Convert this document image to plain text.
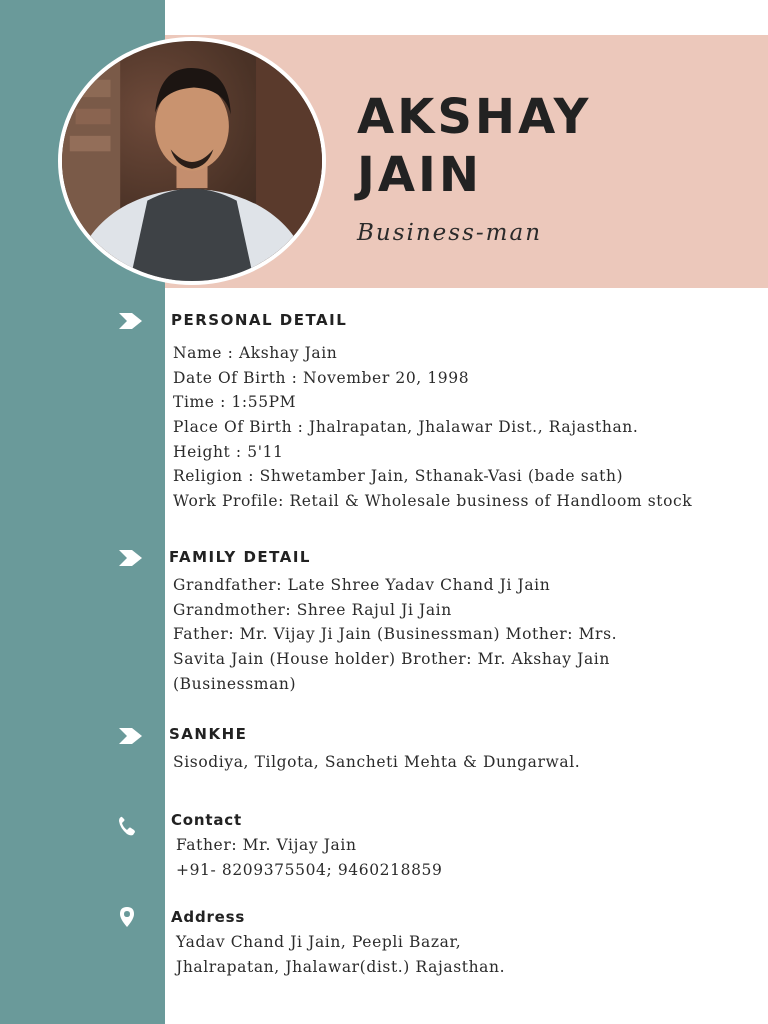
AKSHAY
JAIN
Business-man
PERSONAL DETAIL
Name : Akshay Jain
Date Of Birth : November 20, 1998
Time : 1:55PM
Place Of Birth : Jhalrapatan, Jhalawar Dist., Rajasthan.
Height : 5'11
Religion : Shwetamber Jain, Sthanak-Vasi (bade sath)
Work Profile: Retail & Wholesale business of Handloom stock
FAMILY DETAIL
Grandfather: Late Shree Yadav Chand Ji Jain
Grandmother: Shree Rajul Ji Jain
Father: Mr. Vijay Ji Jain (Businessman) Mother: Mrs.
Savita Jain (House holder) Brother: Mr. Akshay Jain
(Businessman)
SANKHE
Sisodiya, Tilgota, Sancheti Mehta & Dungarwal.
Contact
Father: Mr. Vijay Jain
+91- 8209375504; 9460218859
Address
Yadav Chand Ji Jain, Peepli Bazar,
Jhalrapatan, Jhalawar(dist.) Rajasthan.
